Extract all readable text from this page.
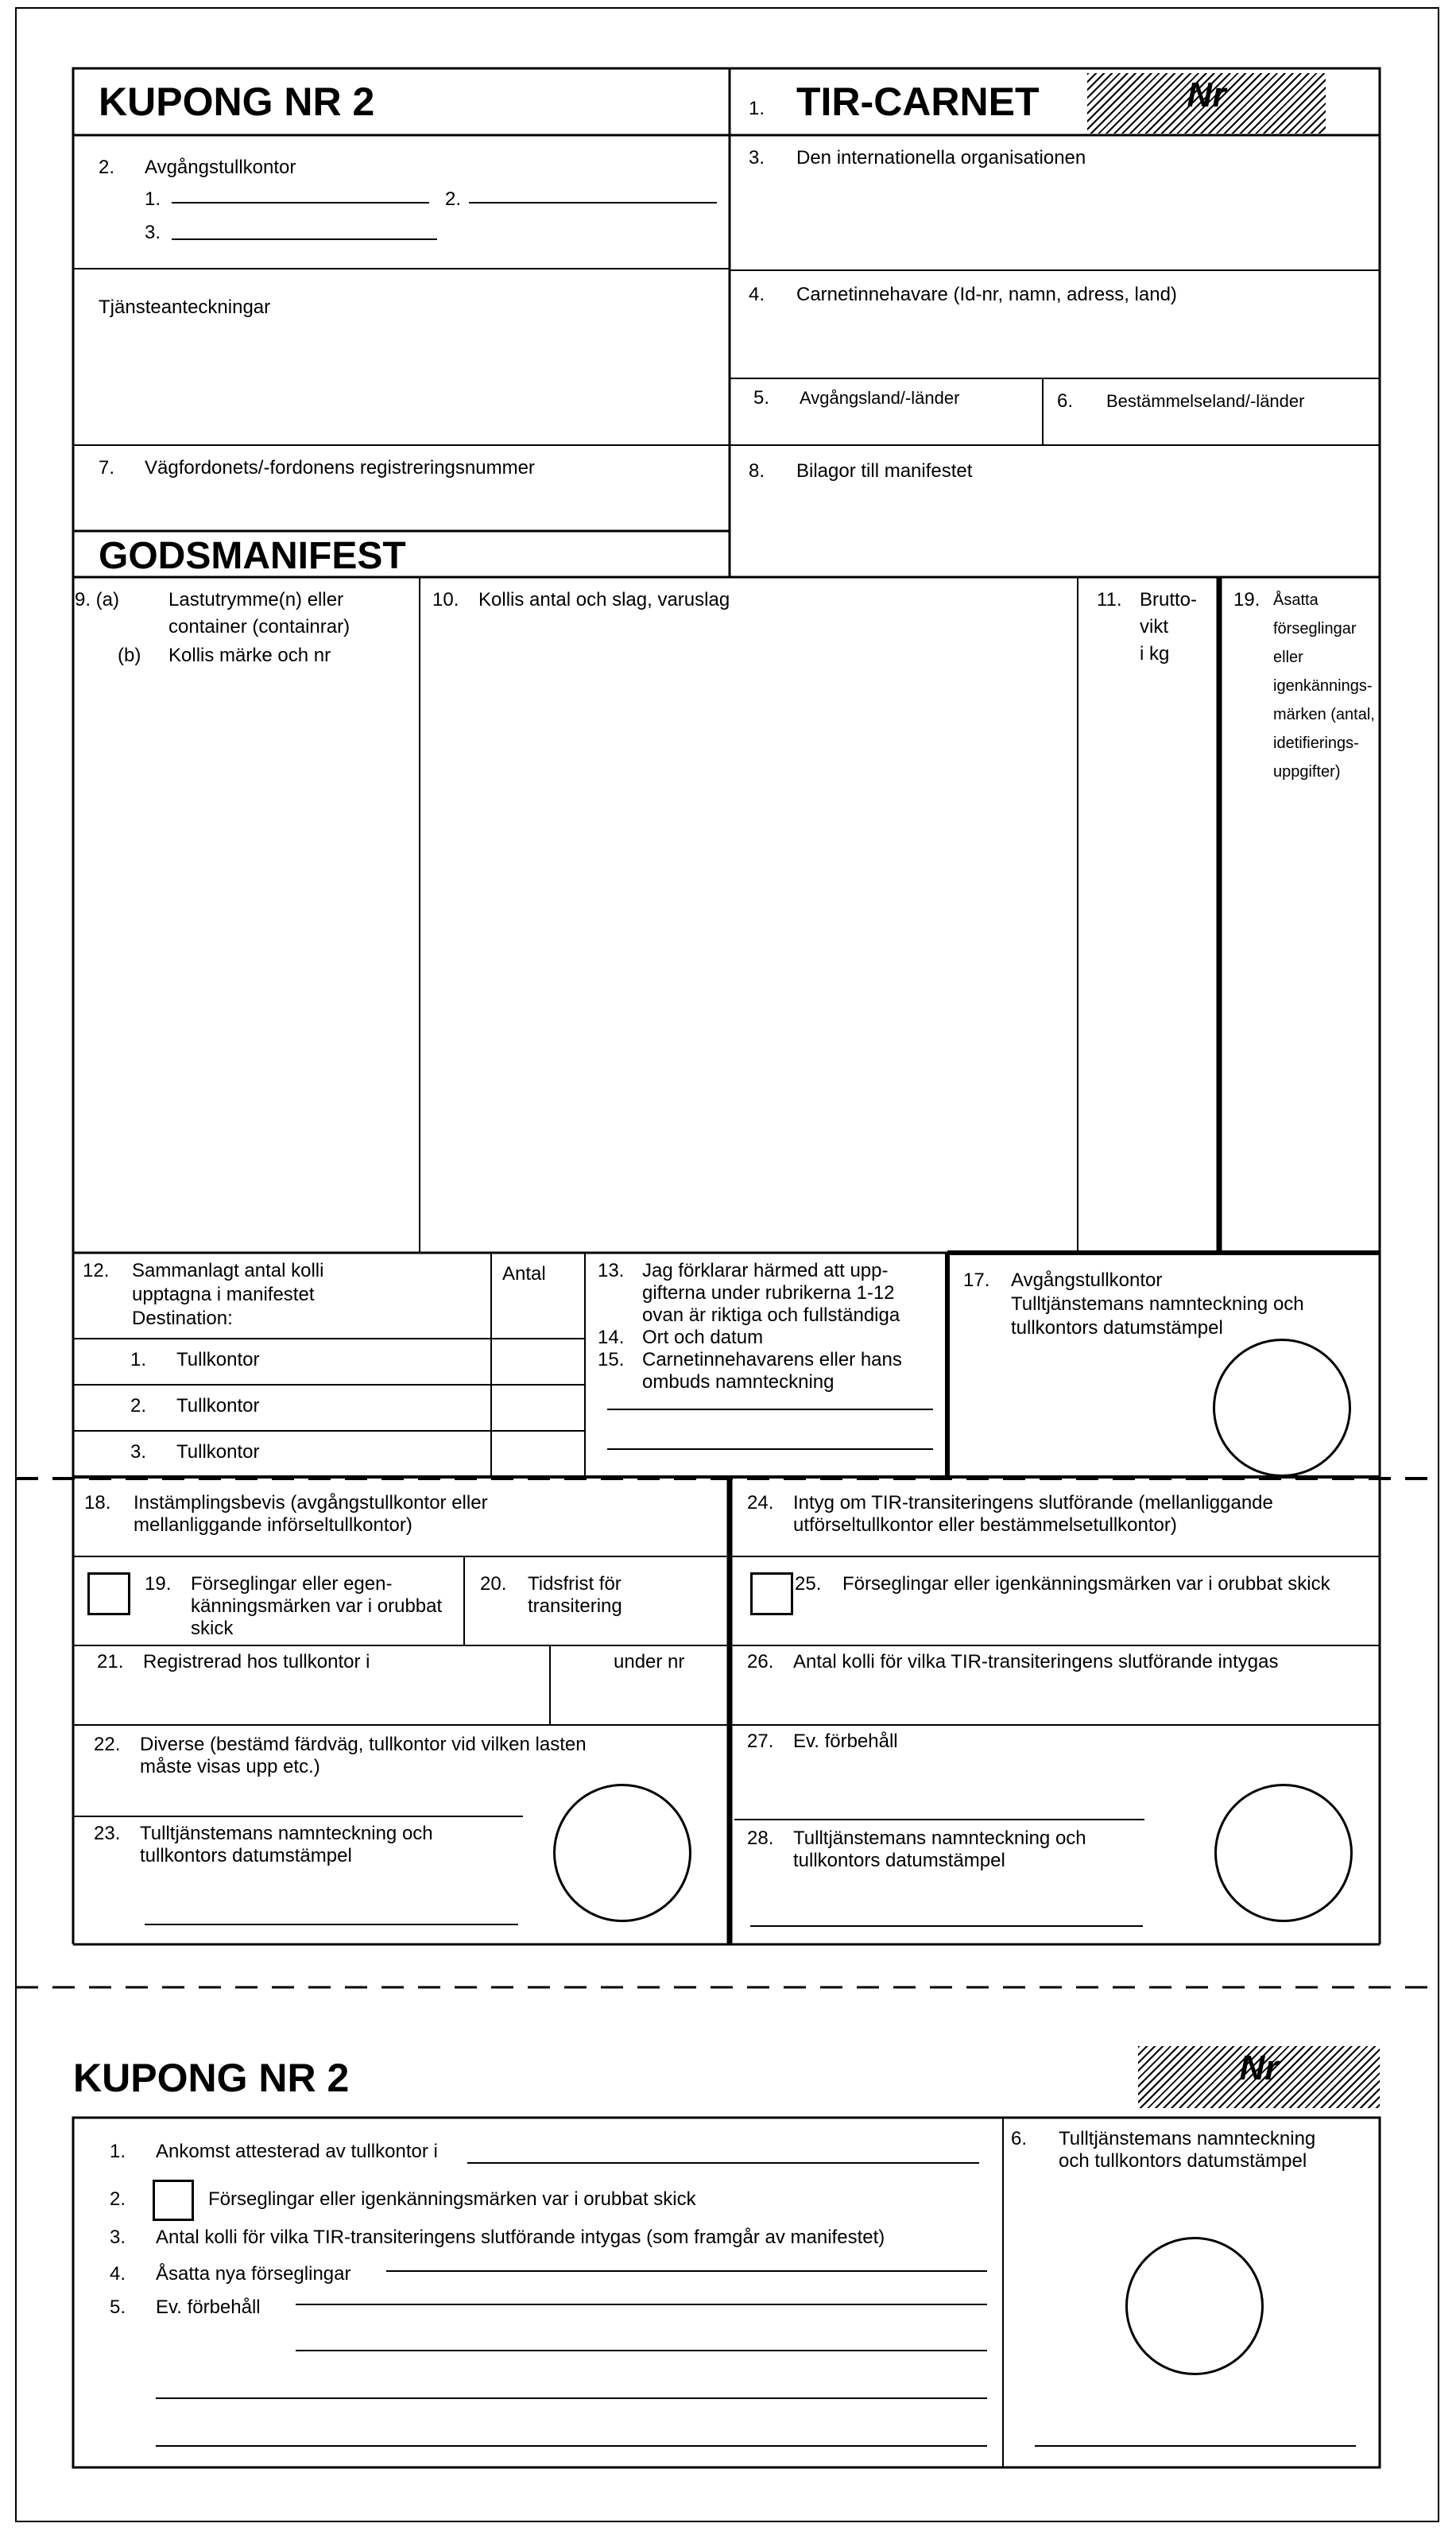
KUPONG NR 2	1. TIR-CARNET	Nr
2. Avgångstullkontor
1.	2.
3.
3. Den internationella organisationen
Tjänsteanteckningar
4. Carnetinnehavare (Id-nr, namn, adress, land)
5. Avgångsland/-länder	6. Bestämmelseland/-länder
7. Vägfordonets/-fordonens registreringsnummer	8. Bilagor till manifestet
GODSMANIFEST
9. (a)	Lastutrymme(n) eller
container (containrar)
(b) Kollis märke och nr
10. Kollis antal och slag, varuslag	11. Brutto-
vikt
i kg
19. Åsatta
förseglingar
eller
igenkännings-
märken (antal,
idetifierings-
uppgifter)
12. Sammanlagt antal kolli
upptagna i manifestet
Destination:
Antal
1. Tullkontor
2. Tullkontor
3. Tullkontor
13. Jag förklarar härmed att upp-
gifterna under rubrikerna 1-12
ovan är riktiga och fullständiga
14. Ort och datum
15. Carnetinnehavarens eller hans
ombuds namnteckning
17. Avgångstullkontor
Tulltjänstemans namnteckning och
tullkontors datumstämpel
18. Instämplingsbevis (avgångstullkontor eller
mellanliggande införseltullkontor)
19. Förseglingar eller egen-
känningsmärken var i orubbat
skick
20. Tidsfrist för
transitering
21. Registrerad hos tullkontor i	under nr
22. Diverse (bestämd färdväg, tullkontor vid vilken lasten
måste visas upp etc.)
23. Tulltjänstemans namnteckning och
tullkontors datumstämpel
24. Intyg om TIR-transiteringens slutförande (mellanliggande
utförseltullkontor eller bestämmelsetullkontor)
25. Förseglingar eller igenkänningsmärken var i orubbat skick
26. Antal kolli för vilka TIR-transiteringens slutförande intygas
27. Ev. förbehåll
28. Tulltjänstemans namnteckning och
tullkontors datumstämpel
KUPONG NR 2	Nr
1. Ankomst attesterad av tullkontor i
2.	Förseglingar eller igenkänningsmärken var i orubbat skick
3. Antal kolli för vilka TIR-transiteringens slutförande intygas (som framgår av manifestet)
4. Åsatta nya förseglingar
5. Ev. förbehåll
6. Tulltjänstemans namnteckning
och tullkontors datumstämpel
